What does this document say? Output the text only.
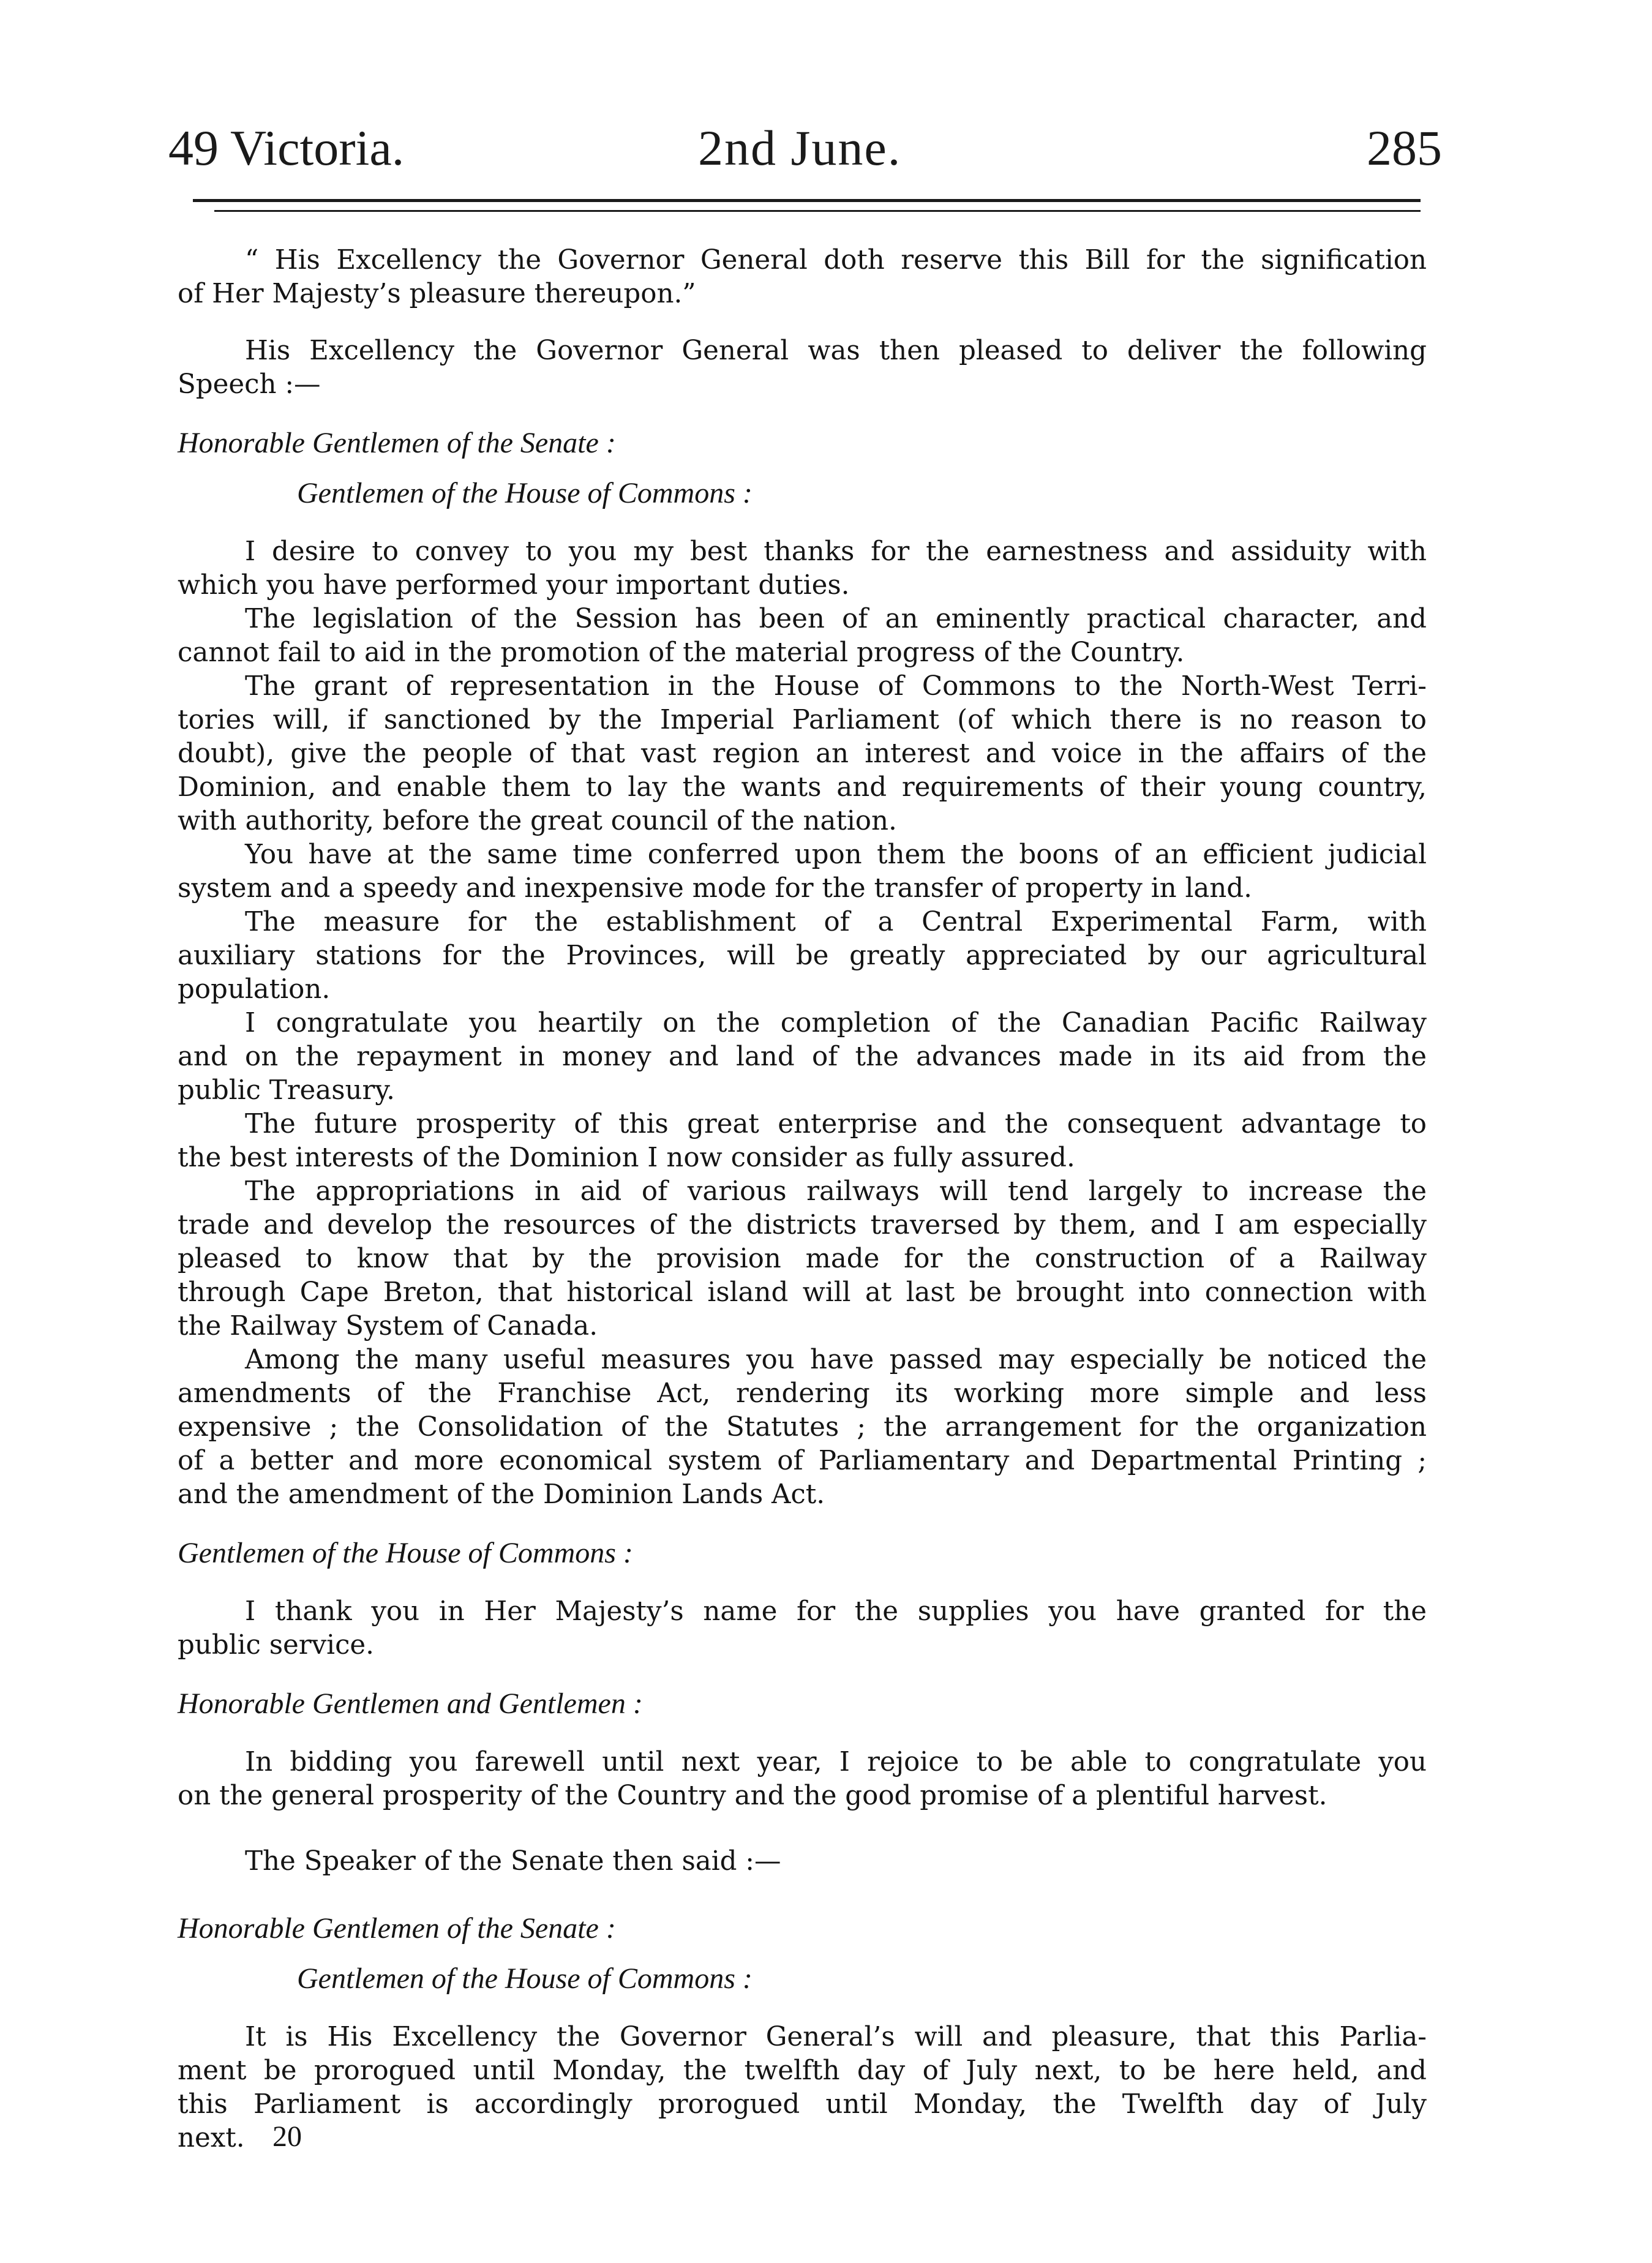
49 Victoria.	2nd June.	285

“ His Excellency the Governor General doth reserve this Bill for the signification

of Her Majesty’s pleasure thereupon.”

His Excellency the Governor General was then pleased to deliver the following

Speech :—

Honorable Gentlemen of the Senate :

Gentlemen of the House of Commons :

I desire to convey to you my best thanks for the earnestness and assiduity with

which you have performed your important duties.

The legislation of the Session has been of an eminently practical character, and

cannot fail to aid in the promotion of the material progress of the Country.

The grant of representation in the House of Commons to the North-West Terri-

tories will, if sanctioned by the Imperial Parliament (of which there is no reason to

doubt), give the people of that vast region an interest and voice in the affairs of the

Dominion, and enable them to lay the wants and requirements of their young country,

with authority, before the great council of the nation.

You have at the same time conferred upon them the boons of an efficient judicial

system and a speedy and inexpensive mode for the transfer of property in land.

The measure for the establishment of a Central Experimental Farm, with

auxiliary stations for the Provinces, will be greatly appreciated by our agricultural

population.

I congratulate you heartily on the completion of the Canadian Pacific Railway

and on the repayment in money and land of the advances made in its aid from the

public Treasury.

The future prosperity of this great enterprise and the consequent advantage to

the best interests of the Dominion I now consider as fully assured.

The appropriations in aid of various railways will tend largely to increase the

trade and develop the resources of the districts traversed by them, and I am especially

pleased to know that by the provision made for the construction of a Railway

through Cape Breton, that historical island will at last be brought into connection with

the Railway System of Canada.

Among the many useful measures you have passed may especially be noticed the

amendments of the Franchise Act, rendering its working more simple and less

expensive ; the Consolidation of the Statutes ; the arrangement for the organization

of a better and more economical system of Parliamentary and Departmental Printing ;

and the amendment of the Dominion Lands Act.

Gentlemen of the House of Commons :

I thank you in Her Majesty’s name for the supplies you have granted for the

public service.

Honorable Gentlemen and Gentlemen :

In bidding you farewell until next year, I rejoice to be able to congratulate you

on the general prosperity of the Country and the good promise of a plentiful harvest.

The Speaker of the Senate then said :—

Honorable Gentlemen of the Senate :

Gentlemen of the House of Commons :

It is His Excellency the Governor General’s will and pleasure, that this Parlia-

ment be prorogued until Monday, the twelfth day of July next, to be here held, and

this Parliament is accordingly prorogued until Monday, the Twelfth day of July

next. 20
